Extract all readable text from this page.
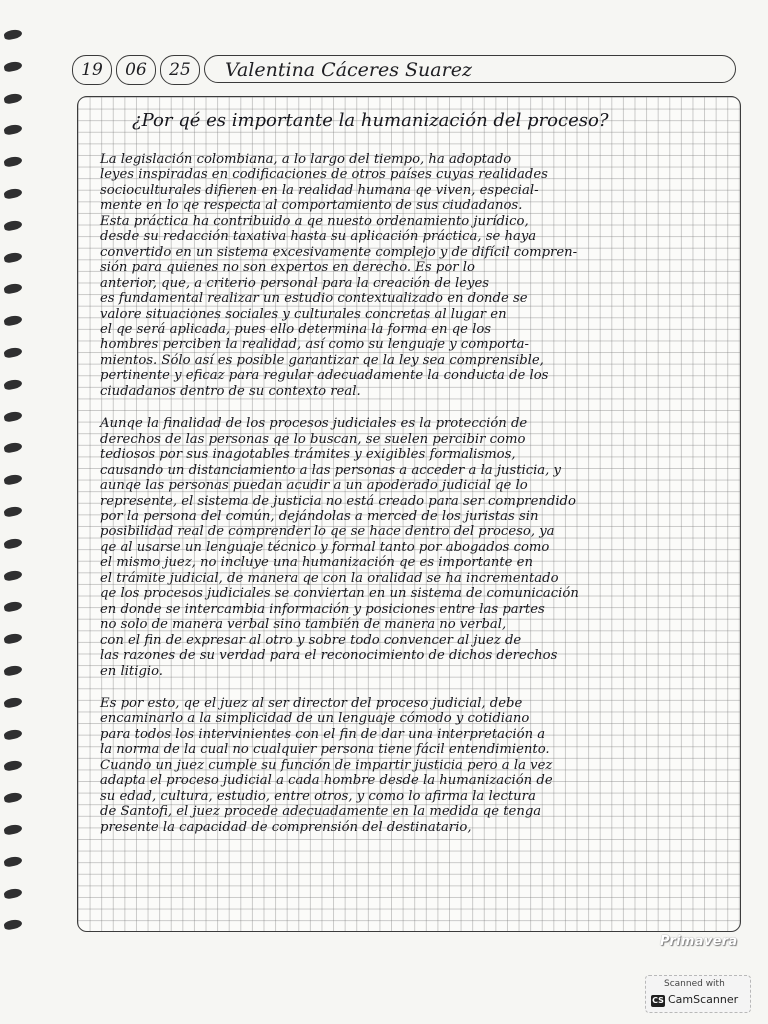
19	06	25	Valentina Cáceres Suarez
¿Por qé es importante la humanización del proceso?

La legislación colombiana, a lo largo del tiempo, ha adoptado

leyes inspiradas en codificaciones de otros países cuyas realidades

socioculturales difieren en la realidad humana qe viven, especial-

mente en lo qe respecta al comportamiento de sus ciudadanos.

Esta práctica ha contribuido a qe nuesto ordenamiento jurídico,

desde su redacción taxativa hasta su aplicación práctica, se haya

convertido en un sistema excesivamente complejo y de difícil compren-

sión para quienes no son expertos en derecho. Es por lo

anterior, que, a criterio personal para la creación de leyes

es fundamental realizar un estudio contextualizado en donde se

valore situaciones sociales y culturales concretas al lugar en

el qe será aplicada, pues ello determina la forma en qe los

hombres perciben la realidad, así como su lenguaje y comporta-

mientos. Sólo así es posible garantizar qe la ley sea comprensible,

pertinente y eficaz para regular adecuadamente la conducta de los

ciudadanos dentro de su contexto real.

Aunqe la finalidad de los procesos judiciales es la protección de

derechos de las personas qe lo buscan, se suelen percibir como

tediosos por sus inagotables trámites y exigibles formalismos,

causando un distanciamiento a las personas a acceder a la justicia, y

aunqe las personas puedan acudir a un apoderado judicial qe lo

represente, el sistema de justicia no está creado para ser comprendido

por la persona del común, dejándolas a merced de los juristas sin

posibilidad real de comprender lo qe se hace dentro del proceso, ya

qe al usarse un lenguaje técnico y formal tanto por abogados como

el mismo juez, no incluye una humanización qe es importante en

el trámite judicial, de manera qe con la oralidad se ha incrementado

qe los procesos judiciales se conviertan en un sistema de comunicación

en donde se intercambia información y posiciones entre las partes

no solo de manera verbal sino también de manera no verbal,

con el fin de expresar al otro y sobre todo convencer al juez de

las razones de su verdad para el reconocimiento de dichos derechos

en litigio.

Es por esto, qe el juez al ser director del proceso judicial, debe

encaminarlo a la simplicidad de un lenguaje cómodo y cotidiano

para todos los intervinientes con el fin de dar una interpretación a

la norma de la cual no cualquier persona tiene fácil entendimiento.

Cuando un juez cumple su función de impartir justicia pero a la vez

adapta el proceso judicial a cada hombre desde la humanización de

su edad, cultura, estudio, entre otros, y como lo afirma la lectura

de Santofi, el juez procede adecuadamente en la medida qe tenga

presente la capacidad de comprensión del destinatario,

Primavera
Scanned with
CS CamScanner
